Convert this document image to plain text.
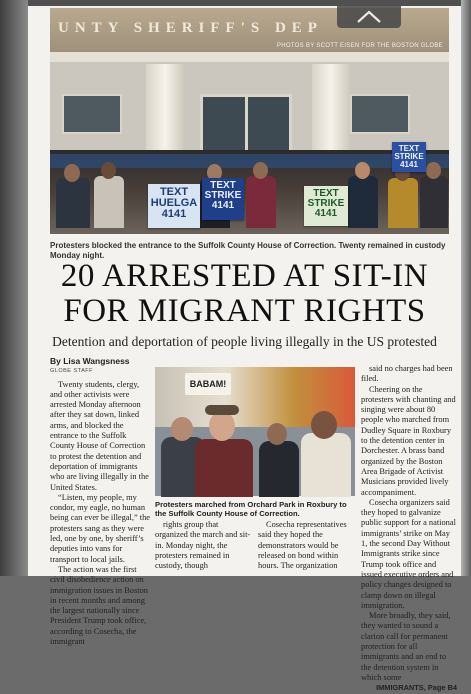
UNTY SHERIFF'S DEP
PHOTOS BY SCOTT EISEN FOR THE BOSTON GLOBE
TEXT HUELGA 4141
TEXT STRIKE 4141
TEXT STRIKE 4141
TEXT STRIKE 4141
Protesters blocked the entrance to the Suffolk County House of Correction. Twenty remained in custody Monday night.
20 ARRESTED AT SIT-IN
FOR MIGRANT RIGHTS
Detention and deportation of people living illegally in the US protested
By Lisa Wangsness
GLOBE STAFF

Twenty students, clergy, and other activists were arrested Monday afternoon after they sat down, linked arms, and blocked the entrance to the Suffolk County House of Correction to protest the detention and deportation of immigrants who are living illegally in the United States.

“Listen, my people, my condor, my eagle, no human being can ever be illegal,” the protesters sang as they were led, one by one, by sheriff’s deputies into vans for transport to local jails.

The action was the first civil disobedience action on immigration issues in Boston in recent months and among the largest nationally since President Trump took office, according to Cosecha, the immigrant

BABAM!
Protesters marched from Orchard Park in Roxbury to the Suffolk County House of Correction.

rights group that organized the march and sit-in. Monday night, the protesters remained in custody, though

Cosecha representatives said they hoped the demonstrators would be released on bond within hours. The organization

said no charges had been filed.

Cheering on the protesters with chanting and singing were about 80 people who marched from Dudley Square in Roxbury to the detention center in Dorchester. A brass band organized by the Boston Area Brigade of Activist Musicians provided lively accompaniment.

Cosecha organizers said they hoped to galvanize public support for a national immigrants’ strike on May 1, the second Day Without Immigrants strike since Trump took office and issued executive orders and policy changes designed to clamp down on illegal immigration.

More broadly, they said, they wanted to sound a clarion call for permanent protection for all immigrants and an end to the detention system in which some

IMMIGRANTS, Page B4
